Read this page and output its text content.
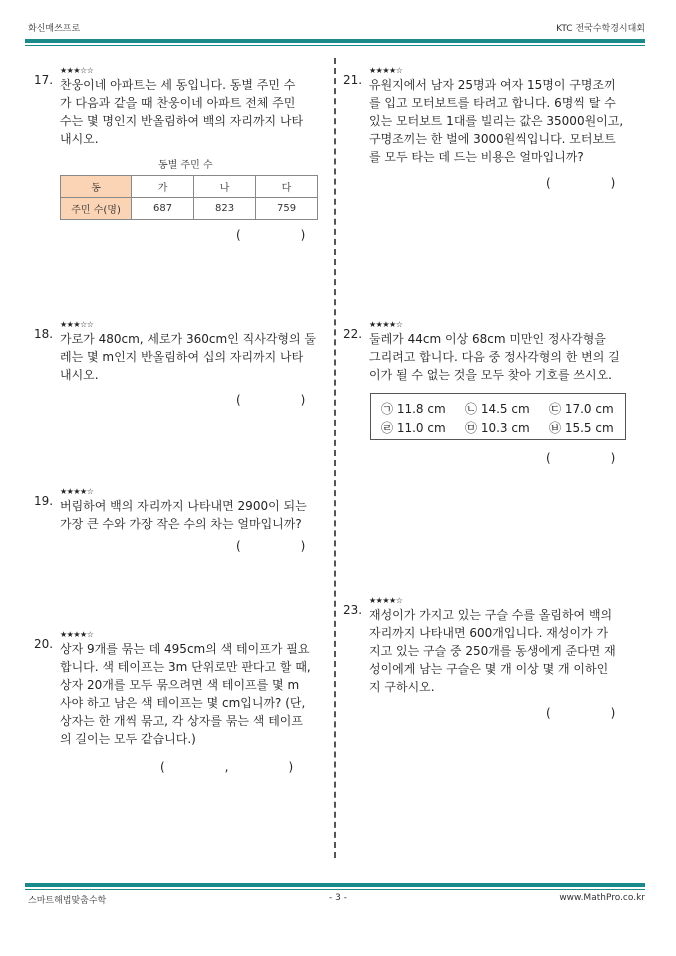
화신매쓰프로	KTC 전국수학경시대회
17.
★★★☆☆
찬웅이네 아파트는 세 동입니다. 동별 주민 수
가 다음과 같을 때 찬웅이네 아파트 전체 주민
수는 몇 명인지 반올림하여 백의 자리까지 나타
내시오.
동별 주민 수
동	가	나	다
주민 수(명)	687	823	759
(　　　　　)
18.
★★★☆☆
가로가 480cm, 세로가 360cm인 직사각형의 둘
레는 몇 m인지 반올림하여 십의 자리까지 나타
내시오.
(　　　　　)
19.
★★★★☆
버림하여 백의 자리까지 나타내면 2900이 되는
가장 큰 수와 가장 작은 수의 차는 얼마입니까?
(　　　　　)
20.
★★★★☆
상자 9개를 묶는 데 495cm의 색 테이프가 필요
합니다. 색 테이프는 3m 단위로만 판다고 할 때,
상자 20개를 모두 묶으려면 색 테이프를 몇 m
사야 하고 남은 색 테이프는 몇 cm입니까? (단,
상자는 한 개씩 묶고, 각 상자를 묶는 색 테이프
의 길이는 모두 같습니다.)
(　　　　　,　　　　　)
21.
★★★★☆
유원지에서 남자 25명과 여자 15명이 구명조끼
를 입고 모터보트를 타려고 합니다. 6명씩 탈 수
있는 모터보트 1대를 빌리는 값은 35000원이고,
구명조끼는 한 벌에 3000원씩입니다. 모터보트
를 모두 타는 데 드는 비용은 얼마입니까?
(　　　　　)
22.
★★★★☆
둘레가 44cm 이상 68cm 미만인 정사각형을
그리려고 합니다. 다음 중 정사각형의 한 변의 길
이가 될 수 없는 것을 모두 찾아 기호를 쓰시오.
㉠ 11.8 cm ㉡ 14.5 cm ㉢ 17.0 cm
㉣ 11.0 cm ㉤ 10.3 cm ㉥ 15.5 cm
(　　　　　)
23.
★★★★☆
재성이가 가지고 있는 구슬 수를 올림하여 백의
자리까지 나타내면 600개입니다. 재성이가 가
지고 있는 구슬 중 250개를 동생에게 준다면 재
성이에게 남는 구슬은 몇 개 이상 몇 개 이하인
지 구하시오.
(　　　　　)
스마트해법맞춤수학	- 3 -	www.MathPro.co.kr
